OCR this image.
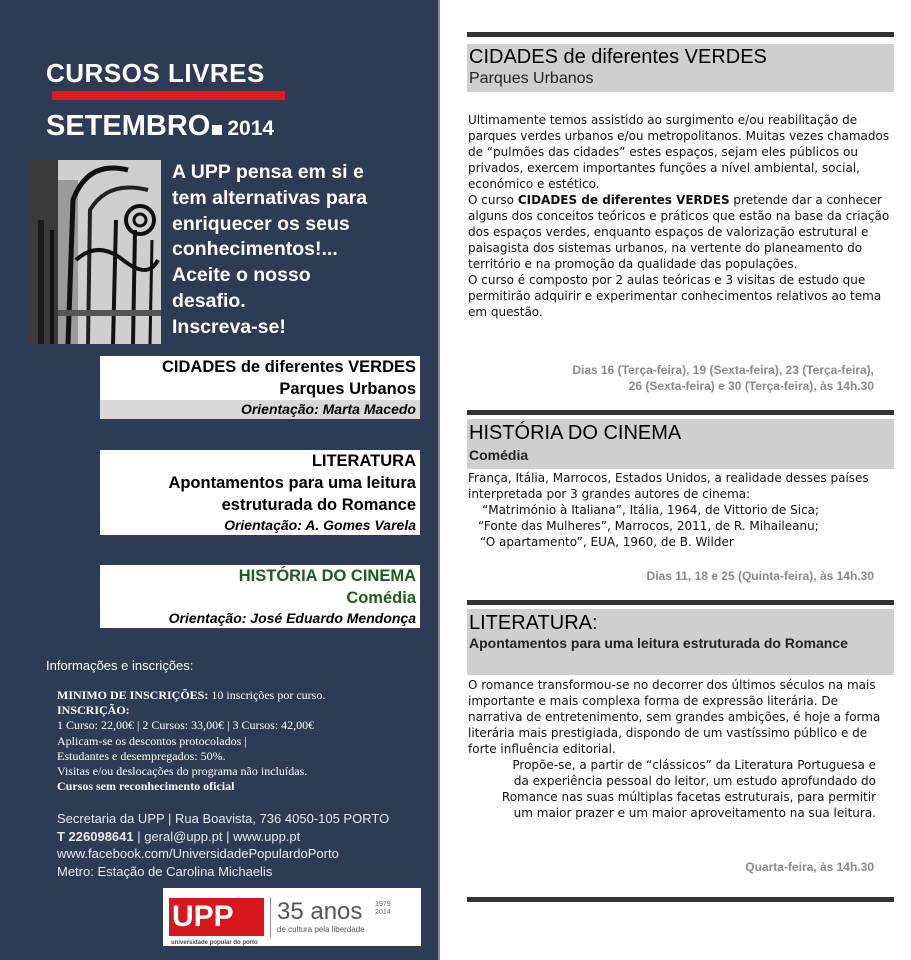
CURSOS LIVRES
SETEMBRO 2014
A UPP pensa em si e
tem alternativas para
enriquecer os seus
conhecimentos!...
Aceite o nosso
desafio.
Inscreva-se!
CIDADES de diferentes VERDES
Parques Urbanos
Orientação: Marta Macedo
LITERATURA
Apontamentos para uma leitura
estruturada do Romance
Orientação: A. Gomes Varela
HISTÓRIA DO CINEMA
Comédia
Orientação: José Eduardo Mendonça
Informações e inscrições:
MINIMO DE INSCRIÇÕES: 10 inscrições por curso.
INSCRIÇÃO:
1 Curso: 22,00€ | 2 Cursos: 33,00€ | 3 Cursos: 42,00€
Aplicam-se os descontos protocolados |
Estudantes e desempregados: 50%.
Visitas e/ou deslocações do programa não incluídas.
Cursos sem reconhecimento oficial
Secretaria da UPP | Rua Boavista, 736 4050-105 PORTO
T 226098641 | geral@upp.pt | www.upp.pt
www.facebook.com/UniversidadePopulardoPorto
Metro: Estação de Carolina Michaelis
UPP
universidade popular do porto
35 anos
de cultura pela liberdade
1979
2014
CIDADES de diferentes VERDES
Parques Urbanos
Ultimamente temos assistido ao surgimento e/ou reabilitação de parques verdes urbanos e/ou metropolitanos. Muitas vezes chamados de “pulmões das cidades” estes espaços, sejam eles públicos ou privados, exercem importantes funções a nível ambiental, social, económico e estético.
O curso CIDADES de diferentes VERDES pretende dar a conhecer alguns dos conceitos teóricos e práticos que estão na base da criação dos espaços verdes, enquanto espaços de valorização estrutural e paisagista dos sistemas urbanos, na vertente do planeamento do território e na promoção da qualidade das populações.
O curso é composto por 2 aulas teóricas e 3 visitas de estudo que permitirão adquirir e experimentar conhecimentos relativos ao tema em questão.
Dias 16 (Terça-feira), 19 (Sexta-feira), 23 (Terça-feira),
26 (Sexta-feira) e 30 (Terça-feira), às 14h.30
HISTÓRIA DO CINEMA
Comédia
França, Itália, Marrocos, Estados Unidos, a realidade desses países interpretada por 3 grandes autores de cinema:
“Matrimónio à Italiana”, Itália, 1964, de Vittorio de Sica;
“Fonte das Mulheres”, Marrocos, 2011, de R. Mihaileanu;
“O apartamento”, EUA, 1960, de B. Wilder
Dias 11, 18 e 25 (Quinta-feira), às 14h.30
LITERATURA:
Apontamentos para uma leitura estruturada do Romance
O romance transformou-se no decorrer dos últimos séculos na mais importante e mais complexa forma de expressão literária. De narrativa de entretenimento, sem grandes ambições, é hoje a forma literária mais prestigiada, dispondo de um vastíssimo público e de forte influência editorial.
Propõe-se, a partir de “clássicos” da Literatura Portuguesa e da experiência pessoal do leitor, um estudo aprofundado do Romance nas suas múltiplas facetas estruturais, para permitir um maior prazer e um maior aproveitamento na sua leitura.
Quarta-feira, às 14h.30
